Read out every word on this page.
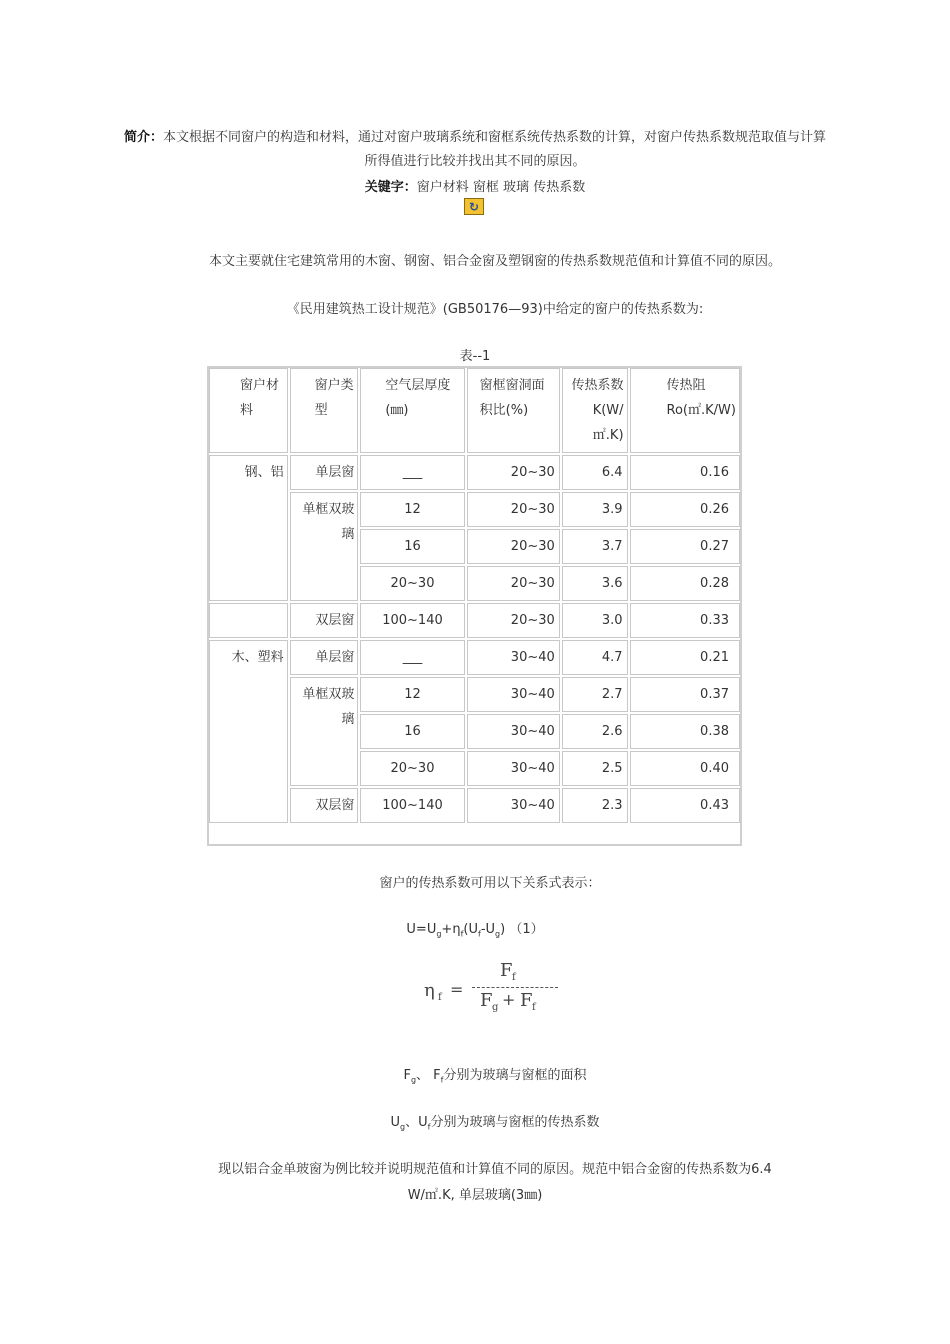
简介：本文根据不同窗户的构造和材料，通过对窗户玻璃系统和窗框系统传热系数的计算，对窗户传热系数规范取值与计算所得值进行比较并找出其不同的原因。
关键字：窗户材料 窗框 玻璃 传热系数
↻
本文主要就住宅建筑常用的木窗、钢窗、铝合金窗及塑钢窗的传热系数规范值和计算值不同的原因。
《民用建筑热工设计规范》(GB50176—93)中给定的窗户的传热系数为:
表--1
窗户材料	窗户类型	空气层厚度(㎜)	窗框窗洞面积比(%)	传热系数K(W/㎡.K)	传热阻Ro(㎡.K/W)
钢、铝	单层窗	___	20~30	6.4	0.16
	单框双玻璃	12	20~30	3.9	0.26
		16	20~30	3.7	0.27
		20~30	20~30	3.6	0.28
	双层窗	100~140	20~30	3.0	0.33
木、塑料	单层窗	___	30~40	4.7	0.21
	单框双玻璃	12	30~40	2.7	0.37
		16	30~40	2.6	0.38
		20~30	30~40	2.5	0.40
	双层窗	100~140	30~40	2.3	0.43
窗户的传热系数可用以下关系式表示：
$U=U_g+\eta_f(U_f-U_g)$ （1）
η f =
F f
F g + F f
$F_g$、 $F_f$分别为玻璃与窗框的面积
$U_g$、$U_f$分别为玻璃与窗框的传热系数
现以铝合金单玻窗为例比较并说明规范值和计算值不同的原因。规范中铝合金窗的传热系数为6.4
W/㎡.K, 单层玻璃(3㎜)
